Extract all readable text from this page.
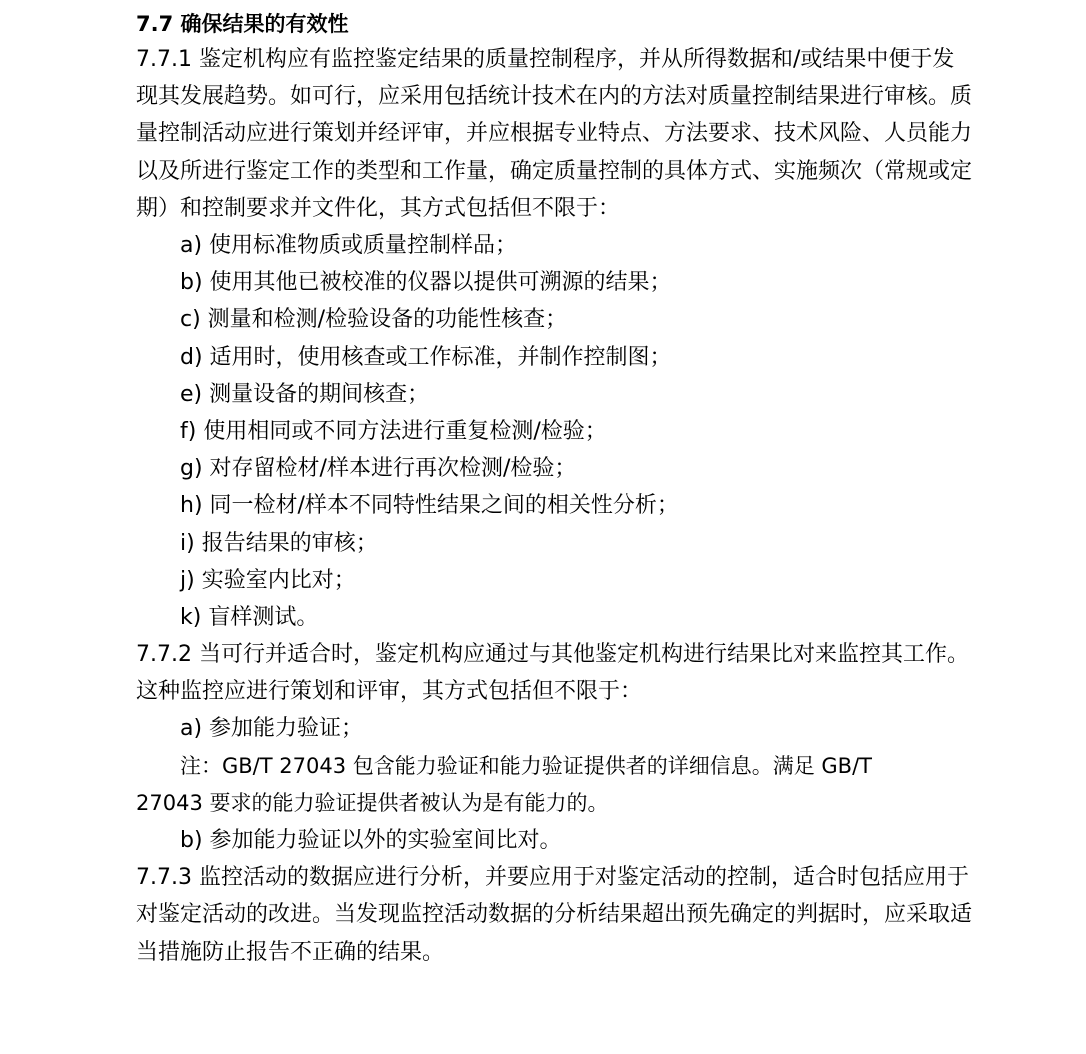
7.7 确保结果的有效性

7.7.1 鉴定机构应有监控鉴定结果的质量控制程序，并从所得数据和/或结果中便于发现其发展趋势。如可行，应采用包括统计技术在内的方法对质量控制结果进行审核。质量控制活动应进行策划并经评审，并应根据专业特点、方法要求、技术风险、人员能力以及所进行鉴定工作的类型和工作量，确定质量控制的具体方式、实施频次（常规或定期）和控制要求并文件化，其方式包括但不限于：

a) 使用标准物质或质量控制样品；
b) 使用其他已被校准的仪器以提供可溯源的结果；
c) 测量和检测/检验设备的功能性核查；
d) 适用时，使用核查或工作标准，并制作控制图；
e) 测量设备的期间核查；
f) 使用相同或不同方法进行重复检测/检验；
g) 对存留检材/样本进行再次检测/检验；
h) 同一检材/样本不同特性结果之间的相关性分析；
i) 报告结果的审核；
j) 实验室内比对；
k) 盲样测试。

7.7.2 当可行并适合时，鉴定机构应通过与其他鉴定机构进行结果比对来监控其工作。这种监控应进行策划和评审，其方式包括但不限于：

a) 参加能力验证；

注：GB/T 27043 包含能力验证和能力验证提供者的详细信息。满足 GB/T 27043 要求的能力验证提供者被认为是有能力的。

b) 参加能力验证以外的实验室间比对。

7.7.3 监控活动的数据应进行分析，并要应用于对鉴定活动的控制，适合时包括应用于对鉴定活动的改进。当发现监控活动数据的分析结果超出预先确定的判据时，应采取适当措施防止报告不正确的结果。
